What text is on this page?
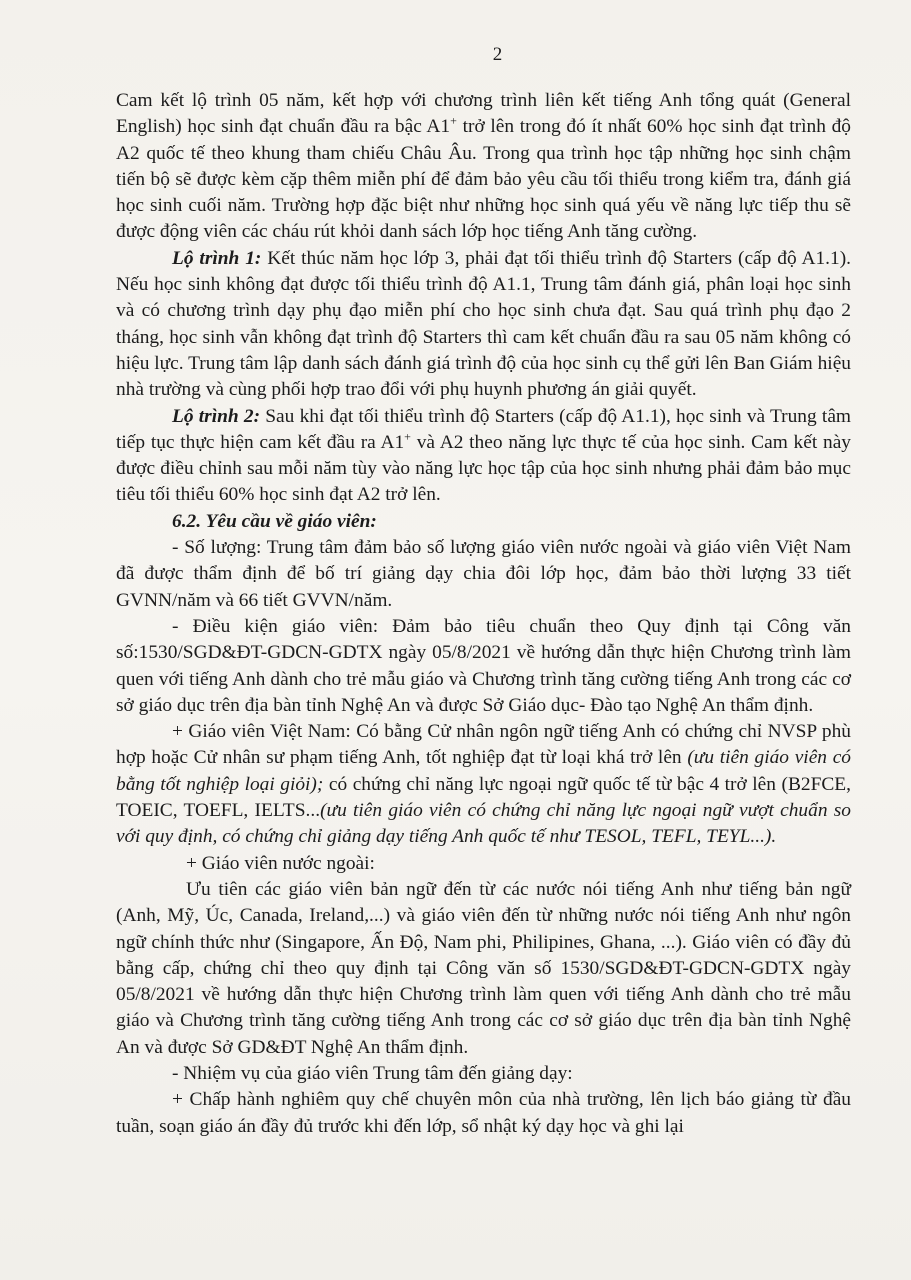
2

Cam kết lộ trình 05 năm, kết hợp với chương trình liên kết tiếng Anh tổng quát (General English) học sinh đạt chuẩn đầu ra bậc A1+ trở lên trong đó ít nhất 60% học sinh đạt trình độ A2 quốc tế theo khung tham chiếu Châu Âu. Trong qua trình học tập những học sinh chậm tiến bộ sẽ được kèm cặp thêm miễn phí để đảm bảo yêu cầu tối thiểu trong kiểm tra, đánh giá học sinh cuối năm. Trường hợp đặc biệt như những học sinh quá yếu về năng lực tiếp thu sẽ được động viên các cháu rút khỏi danh sách lớp học tiếng Anh tăng cường.

Lộ trình 1: Kết thúc năm học lớp 3, phải đạt tối thiểu trình độ Starters (cấp độ A1.1). Nếu học sinh không đạt được tối thiểu trình độ A1.1, Trung tâm đánh giá, phân loại học sinh và có chương trình dạy phụ đạo miễn phí cho học sinh chưa đạt. Sau quá trình phụ đạo 2 tháng, học sinh vẫn không đạt trình độ Starters thì cam kết chuẩn đầu ra sau 05 năm không có hiệu lực. Trung tâm lập danh sách đánh giá trình độ của học sinh cụ thể gửi lên Ban Giám hiệu nhà trường và cùng phối hợp trao đổi với phụ huynh phương án giải quyết.

Lộ trình 2: Sau khi đạt tối thiểu trình độ Starters (cấp độ A1.1), học sinh và Trung tâm tiếp tục thực hiện cam kết đầu ra A1+ và A2 theo năng lực thực tế của học sinh. Cam kết này được điều chỉnh sau mỗi năm tùy vào năng lực học tập của học sinh nhưng phải đảm bảo mục tiêu tối thiểu 60% học sinh đạt A2 trở lên.

6.2. Yêu cầu về giáo viên:

- Số lượng: Trung tâm đảm bảo số lượng giáo viên nước ngoài và giáo viên Việt Nam đã được thẩm định để bố trí giảng dạy chia đôi lớp học, đảm bảo thời lượng 33 tiết GVNN/năm và 66 tiết GVVN/năm.

- Điều kiện giáo viên: Đảm bảo tiêu chuẩn theo Quy định tại Công văn số:1530/SGD&ĐT-GDCN-GDTX ngày 05/8/2021 về hướng dẫn thực hiện Chương trình làm quen với tiếng Anh dành cho trẻ mẫu giáo và Chương trình tăng cường tiếng Anh trong các cơ sở giáo dục trên địa bàn tỉnh Nghệ An và được Sở Giáo dục- Đào tạo Nghệ An thẩm định.

+ Giáo viên Việt Nam: Có bằng Cử nhân ngôn ngữ tiếng Anh có chứng chỉ NVSP phù hợp hoặc Cử nhân sư phạm tiếng Anh, tốt nghiệp đạt từ loại khá trở lên (ưu tiên giáo viên có bằng tốt nghiệp loại giỏi); có chứng chỉ năng lực ngoại ngữ quốc tế từ bậc 4 trở lên (B2FCE, TOEIC, TOEFL, IELTS...(ưu tiên giáo viên có chứng chỉ năng lực ngoại ngữ vượt chuẩn so với quy định, có chứng chỉ giảng dạy tiếng Anh quốc tế như TESOL, TEFL, TEYL...).

+ Giáo viên nước ngoài:

Ưu tiên các giáo viên bản ngữ đến từ các nước nói tiếng Anh như tiếng bản ngữ (Anh, Mỹ, Úc, Canada, Ireland,...) và giáo viên đến từ những nước nói tiếng Anh như ngôn ngữ chính thức như (Singapore, Ấn Độ, Nam phi, Philipines, Ghana, ...). Giáo viên có đầy đủ bằng cấp, chứng chỉ theo quy định tại Công văn số 1530/SGD&ĐT-GDCN-GDTX ngày 05/8/2021 về hướng dẫn thực hiện Chương trình làm quen với tiếng Anh dành cho trẻ mẫu giáo và Chương trình tăng cường tiếng Anh trong các cơ sở giáo dục trên địa bàn tỉnh Nghệ An và được Sở GD&ĐT Nghệ An thẩm định.

- Nhiệm vụ của giáo viên Trung tâm đến giảng dạy:

+ Chấp hành nghiêm quy chế chuyên môn của nhà trường, lên lịch báo giảng từ đầu tuần, soạn giáo án đầy đủ trước khi đến lớp, sổ nhật ký dạy học và ghi lại
